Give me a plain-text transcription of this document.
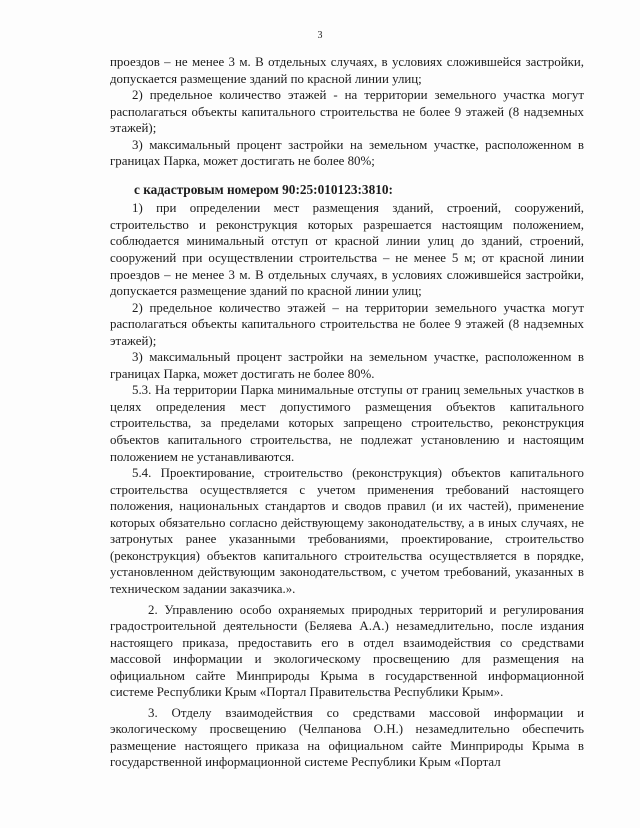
3

проездов – не менее 3 м. В отдельных случаях, в условиях сложившейся застройки, допускается размещение зданий по красной линии улиц;

2) предельное количество этажей - на территории земельного участка могут располагаться объекты капитального строительства не более 9 этажей (8 надземных этажей);

3) максимальный процент застройки на земельном участке, расположенном в границах Парка, может достигать не более 80%;

с кадастровым номером 90:25:010123:3810:

1) при определении мест размещения зданий, строений, сооружений, строительство и реконструкция которых разрешается настоящим положением, соблюдается минимальный отступ от красной линии улиц до зданий, строений, сооружений при осуществлении строительства – не менее 5 м; от красной линии проездов – не менее 3 м. В отдельных случаях, в условиях сложившейся застройки, допускается размещение зданий по красной линии улиц;

2) предельное количество этажей – на территории земельного участка могут располагаться объекты капитального строительства не более 9 этажей (8 надземных этажей);

3) максимальный процент застройки на земельном участке, расположенном в границах Парка, может достигать не более 80%.

5.3. На территории Парка минимальные отступы от границ земельных участков в целях определения мест допустимого размещения объектов капитального строительства, за пределами которых запрещено строительство, реконструкция объектов капитального строительства, не подлежат установлению и настоящим положением не устанавливаются.

5.4. Проектирование, строительство (реконструкция) объектов капитального строительства осуществляется с учетом применения требований настоящего положения, национальных стандартов и сводов правил (и их частей), применение которых обязательно согласно действующему законодательству, а в иных случаях, не затронутых ранее указанными требованиями, проектирование, строительство (реконструкция) объектов капитального строительства осуществляется в порядке, установленном действующим законодательством, с учетом требований, указанных в техническом задании заказчика.».

2. Управлению особо охраняемых природных территорий и регулирования градостроительной деятельности (Беляева А.А.) незамедлительно, после издания настоящего приказа, предоставить его в отдел взаимодействия со средствами массовой информации и экологическому просвещению для размещения на официальном сайте Минприроды Крыма в государственной информационной системе Республики Крым «Портал Правительства Республики Крым».

3. Отделу взаимодействия со средствами массовой информации и экологическому просвещению (Челпанова О.Н.) незамедлительно обеспечить размещение настоящего приказа на официальном сайте Минприроды Крыма в государственной информационной системе Республики Крым «Портал
